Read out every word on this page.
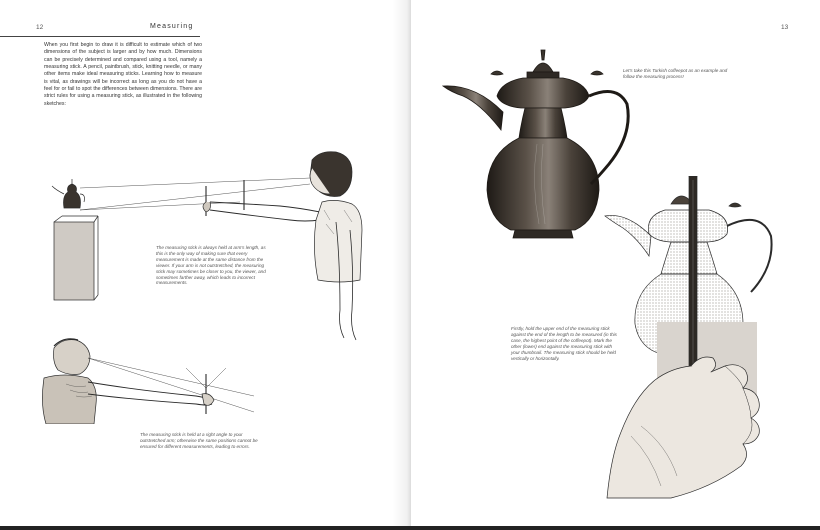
12	Measuring

When you first begin to draw it is difficult to estimate which of two dimensions of the subject is larger and by how much. Dimensions can be precisely determined and compared using a tool, namely a measuring stick. A pencil, paintbrush, stick, knitting needle, or many other items make ideal measuring sticks. Learning how to measure is vital, as drawings will be incorrect as long as you do not have a feel for or fail to spot the differences between dimensions. There are strict rules for using a measuring stick, as illustrated in the following sketches:

The measuring stick is always held at arm's length, as this is the only way of making sure that every measurement is made at the same distance from the viewer. If your arm is not outstretched, the measuring stick may sometimes be closer to you, the viewer, and sometimes farther away, which leads to incorrect measurements.

The measuring stick is held at a right angle to your outstretched arm; otherwise the same positions cannot be ensured for different measurements, leading to errors.

13

Let's take this Turkish coffeepot as an example and follow the measuring process!

Firstly, hold the upper end of the measuring stick against the end of the length to be measured (in this case, the highest point of the coffeepot). Mark the other (lower) end against the measuring stick with your thumbnail. The measuring stick should be held vertically or horizontally.
